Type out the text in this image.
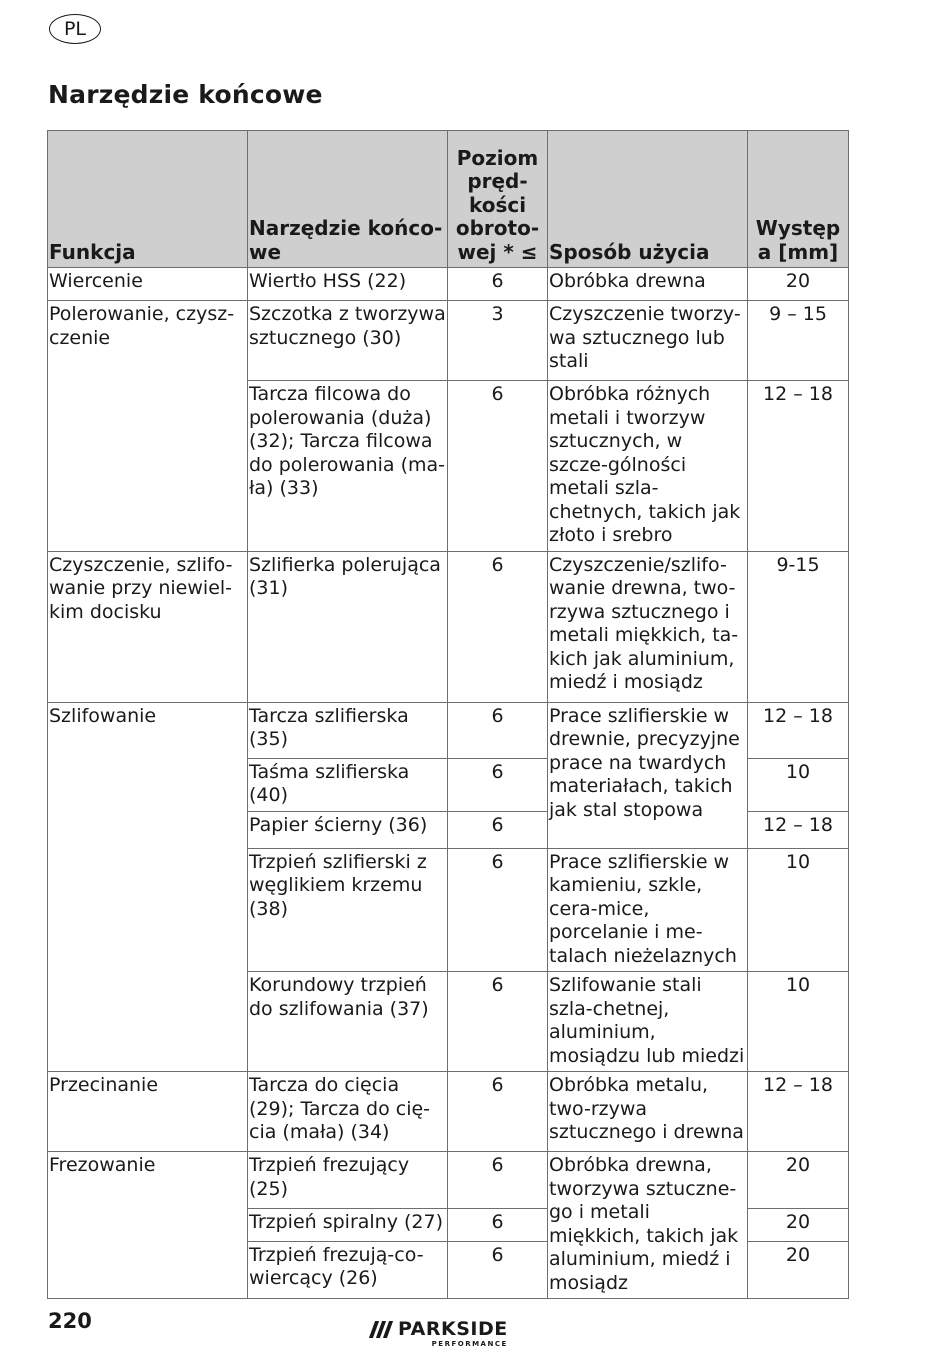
PL
Narzędzie końcowe
Funkcja	Narzędzie końco-we	Poziom pręd-kości obroto-wej * ≤	Sposób użycia	Występ a [mm]
Wiercenie	Wiertło HSS (22)	6	Obróbka drewna	20
Polerowanie, czysz-czenie	Szczotka z tworzywa sztucznego (30)	3	Czyszczenie tworzy-wa sztucznego lub stali	9 – 15
	Tarcza filcowa do polerowania (duża) (32); Tarcza filcowa do polerowania (ma-ła) (33)	6	Obróbka różnych metali i tworzyw sztucznych, w szcze-gólności metali szla-chetnych, takich jak złoto i srebro	12 – 18
Czyszczenie, szlifo-wanie przy niewiel-kim docisku	Szlifierka polerująca (31)	6	Czyszczenie/szlifo-wanie drewna, two-rzywa sztucznego i metali miękkich, ta-kich jak aluminium, miedź i mosiądz	9-15
Szlifowanie	Tarcza szlifierska (35)	6	Prace szlifierskie w drewnie, precyzyjne prace na twardych materiałach, takich jak stal stopowa	12 – 18
	Taśma szlifierska (40)	6		10
	Papier ścierny (36)	6		12 – 18
	Trzpień szlifierski z węglikiem krzemu (38)	6	Prace szlifierskie w kamieniu, szkle, cera-mice, porcelanie i me-talach nieżelaznych	10
	Korundowy trzpień do szlifowania (37)	6	Szlifowanie stali szla-chetnej, aluminium, mosiądzu lub miedzi	10
Przecinanie	Tarcza do cięcia (29); Tarcza do cię-cia (mała) (34)	6	Obróbka metalu, two-rzywa sztucznego i drewna	12 – 18
Frezowanie	Trzpień frezujący (25)	6	Obróbka drewna, tworzywa sztuczne-go i metali miękkich, takich jak aluminium, miedź i mosiądz	20
	Trzpień spiralny (27)	6		20
	Trzpień frezują-co-wiercący (26)	6		20
220	PARKSIDE
PERFORMANCE
